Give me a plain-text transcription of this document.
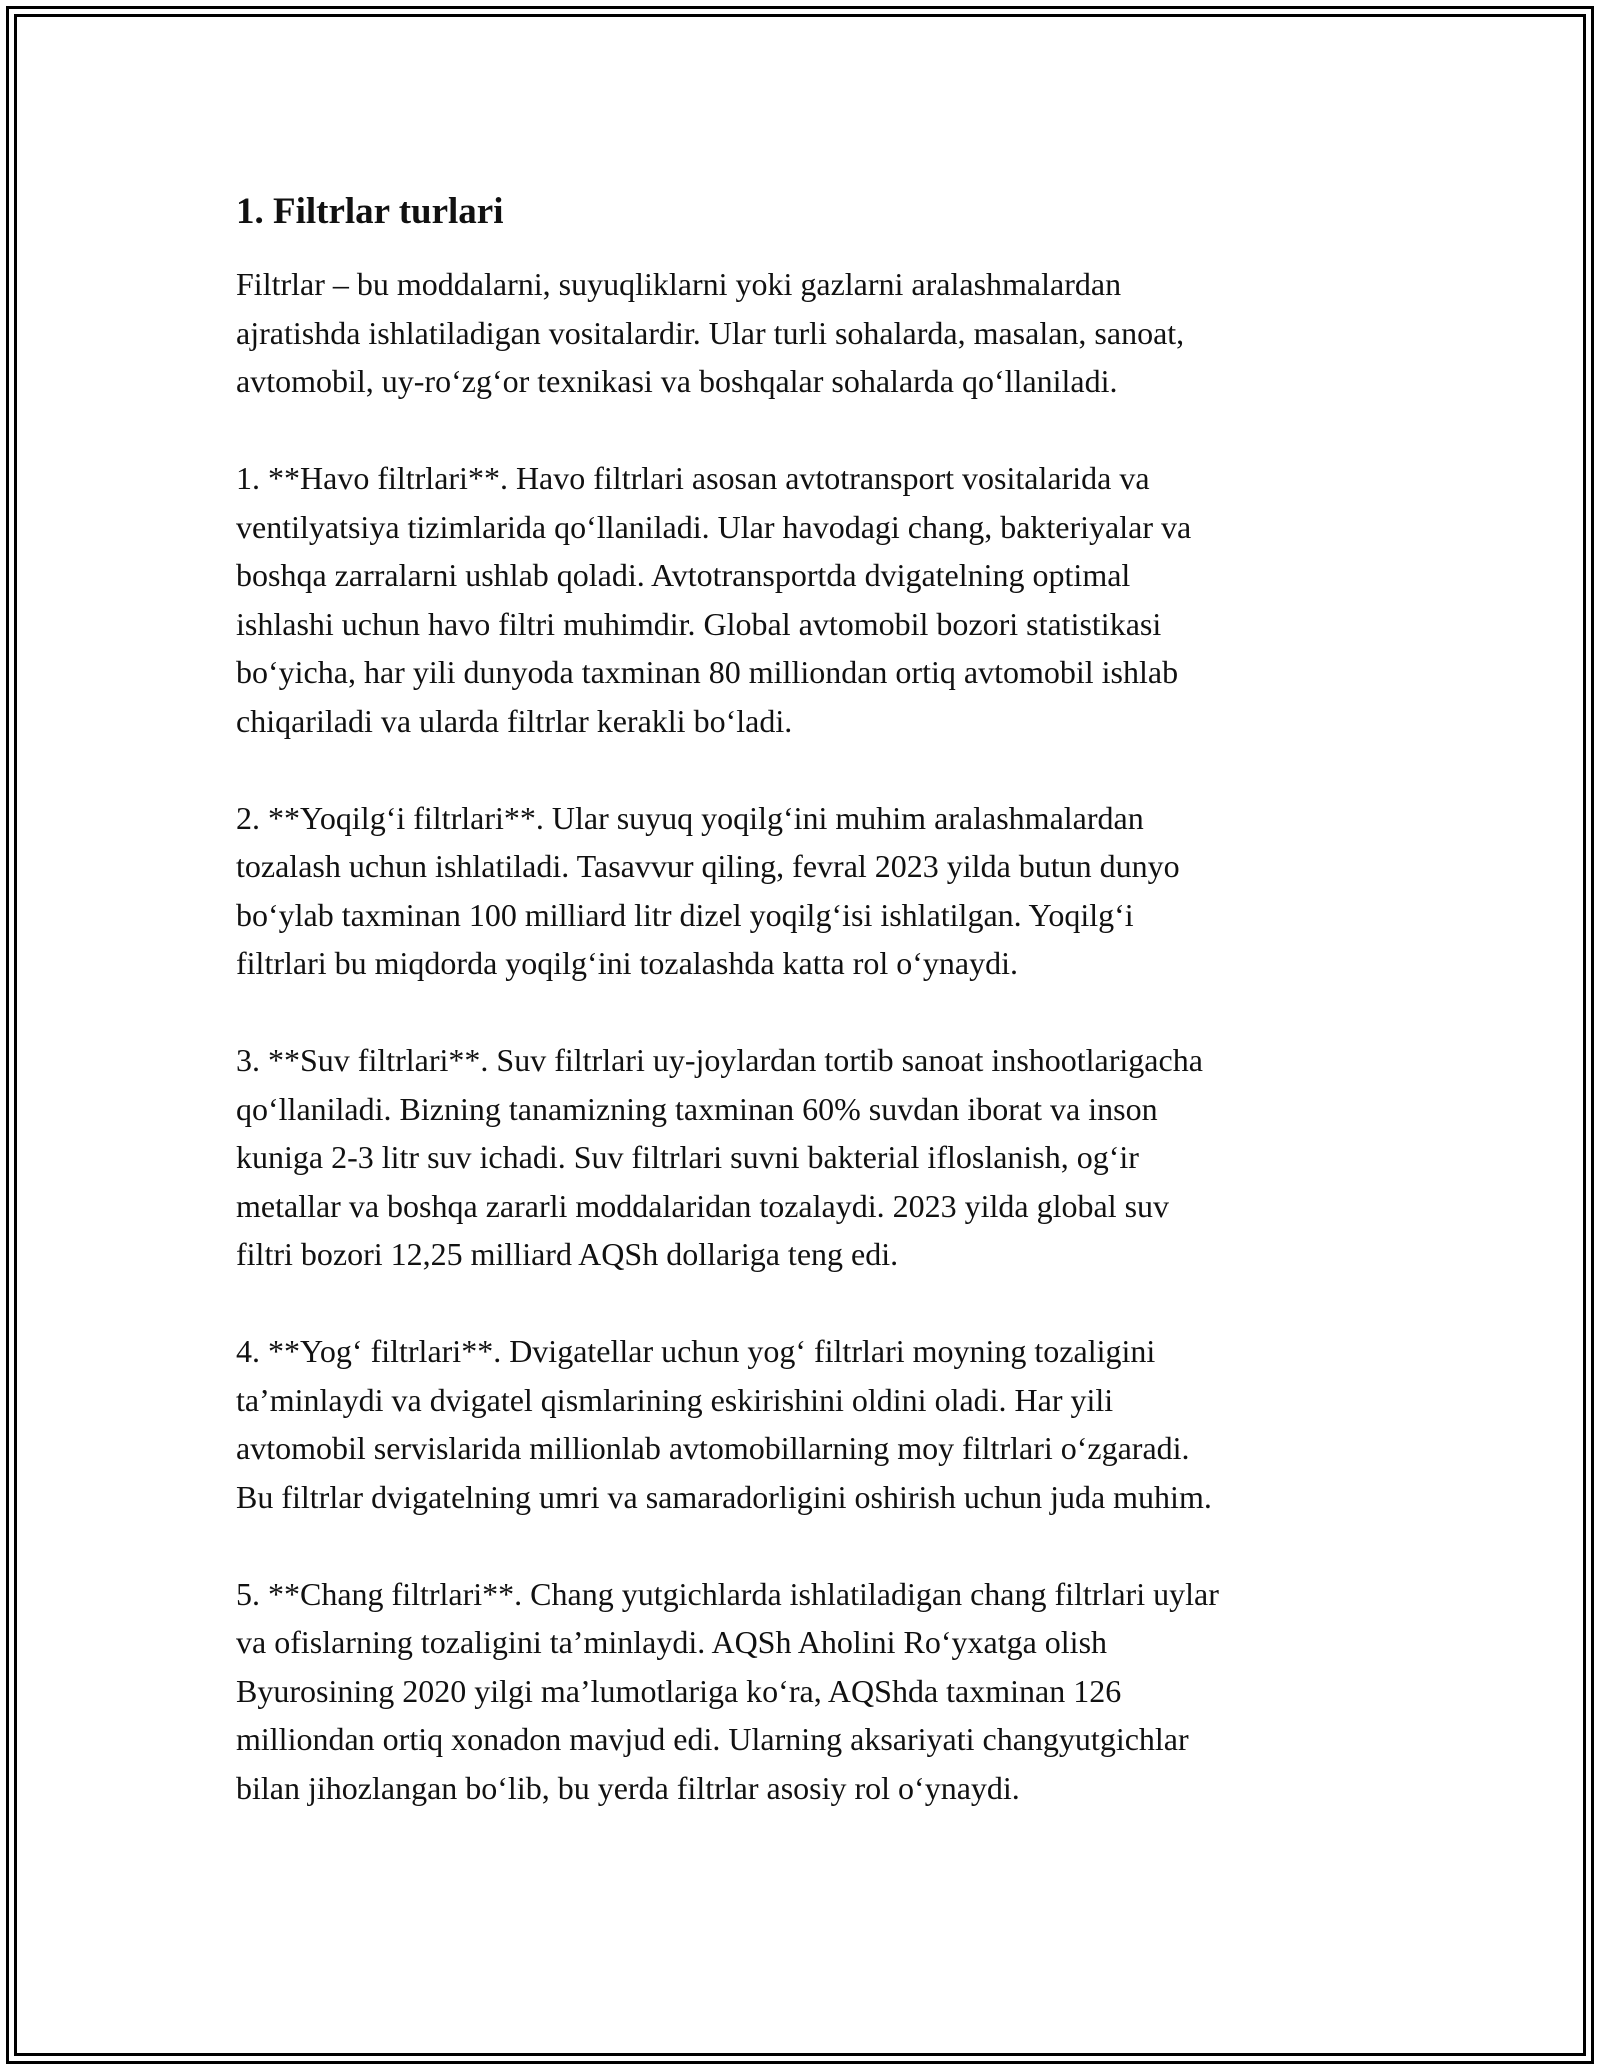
1. Filtrlar turlari
Filtrlar – bu moddalarni, suyuqliklarni yoki gazlarni aralashmalardan
ajratishda ishlatiladigan vositalardir. Ular turli sohalarda, masalan, sanoat,
avtomobil, uy-ro‘zg‘or texnikasi va boshqalar sohalarda qo‘llaniladi.
1. **Havo filtrlari**. Havo filtrlari asosan avtotransport vositalarida va
ventilyatsiya tizimlarida qo‘llaniladi. Ular havodagi chang, bakteriyalar va
boshqa zarralarni ushlab qoladi. Avtotransportda dvigatelning optimal
ishlashi uchun havo filtri muhimdir. Global avtomobil bozori statistikasi
bo‘yicha, har yili dunyoda taxminan 80 milliondan ortiq avtomobil ishlab
chiqariladi va ularda filtrlar kerakli bo‘ladi.
2. **Yoqilg‘i filtrlari**. Ular suyuq yoqilg‘ini muhim aralashmalardan
tozalash uchun ishlatiladi. Tasavvur qiling, fevral 2023 yilda butun dunyo
bo‘ylab taxminan 100 milliard litr dizel yoqilg‘isi ishlatilgan. Yoqilg‘i
filtrlari bu miqdorda yoqilg‘ini tozalashda katta rol o‘ynaydi.
3. **Suv filtrlari**. Suv filtrlari uy-joylardan tortib sanoat inshootlarigacha
qo‘llaniladi. Bizning tanamizning taxminan 60% suvdan iborat va inson
kuniga 2-3 litr suv ichadi. Suv filtrlari suvni bakterial ifloslanish, og‘ir
metallar va boshqa zararli moddalaridan tozalaydi. 2023 yilda global suv
filtri bozori 12,25 milliard AQSh dollariga teng edi.
4. **Yog‘ filtrlari**. Dvigatellar uchun yog‘ filtrlari moyning tozaligini
ta’minlaydi va dvigatel qismlarining eskirishini oldini oladi. Har yili
avtomobil servislarida millionlab avtomobillarning moy filtrlari o‘zgaradi.
Bu filtrlar dvigatelning umri va samaradorligini oshirish uchun juda muhim.
5. **Chang filtrlari**. Chang yutgichlarda ishlatiladigan chang filtrlari uylar
va ofislarning tozaligini ta’minlaydi. AQSh Aholini Ro‘yxatga olish
Byurosining 2020 yilgi ma’lumotlariga ko‘ra, AQShda taxminan 126
milliondan ortiq xonadon mavjud edi. Ularning aksariyati changyutgichlar
bilan jihozlangan bo‘lib, bu yerda filtrlar asosiy rol o‘ynaydi.
